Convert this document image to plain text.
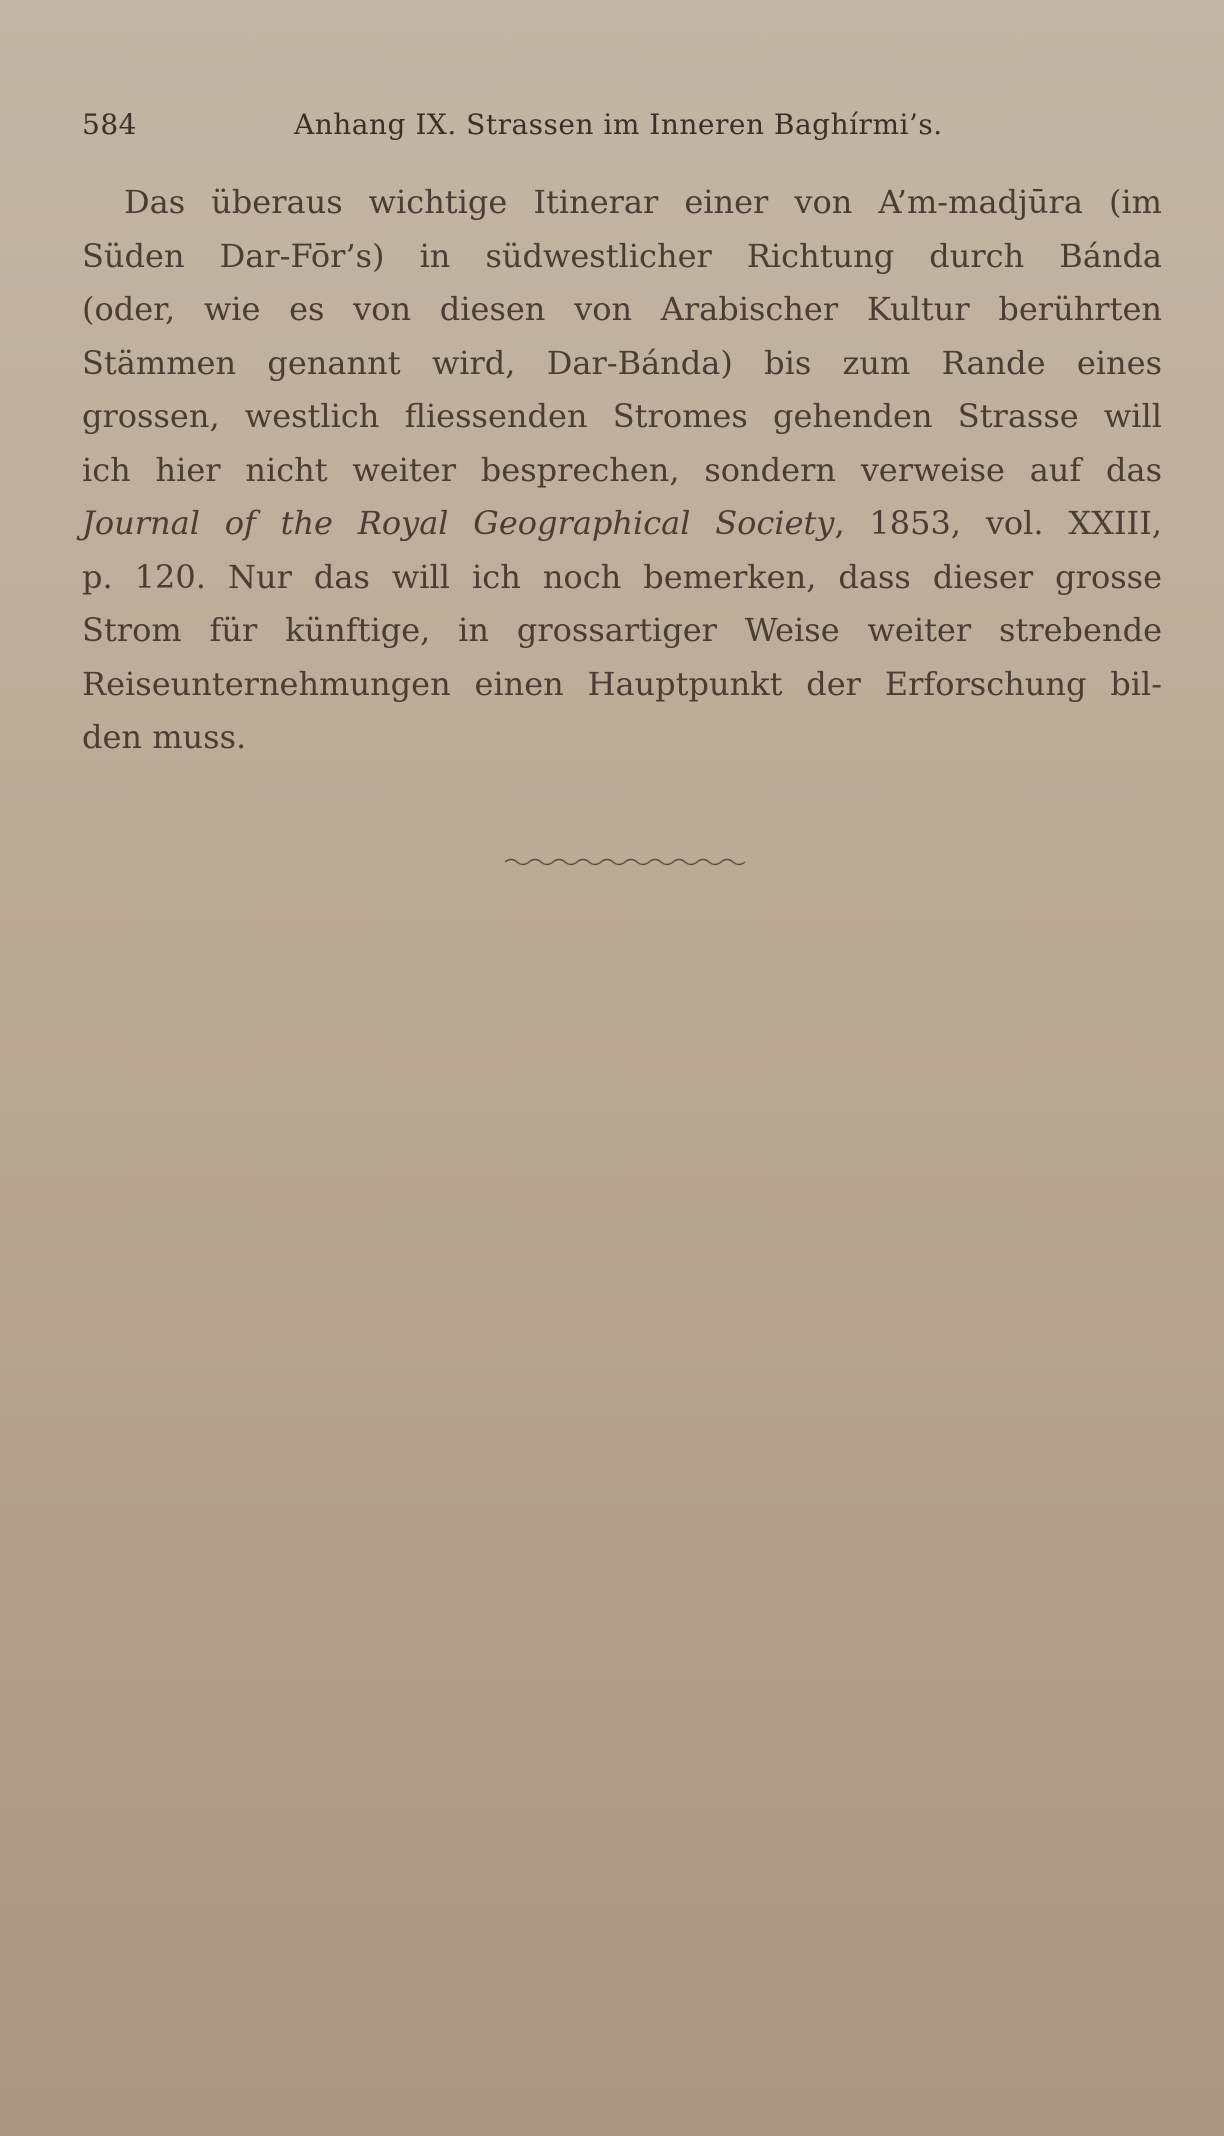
584	Anhang IX. Strassen im Inneren Baghírmi’s.
Das überaus wichtige Itinerar einer von A’m-madjūra (im
Süden Dar-Fōr’s) in südwestlicher Richtung durch Bánda
(oder, wie es von diesen von Arabischer Kultur berührten
Stämmen genannt wird, Dar-Bánda) bis zum Rande eines
grossen, westlich fliessenden Stromes gehenden Strasse will
ich hier nicht weiter besprechen, sondern verweise auf das
Journal of the Royal Geographical Society, 1853, vol. XXIII,
p. 120. Nur das will ich noch bemerken, dass dieser grosse
Strom für künftige, in grossartiger Weise weiter strebende
Reiseunternehmungen einen Hauptpunkt der Erforschung bil-
den muss.
